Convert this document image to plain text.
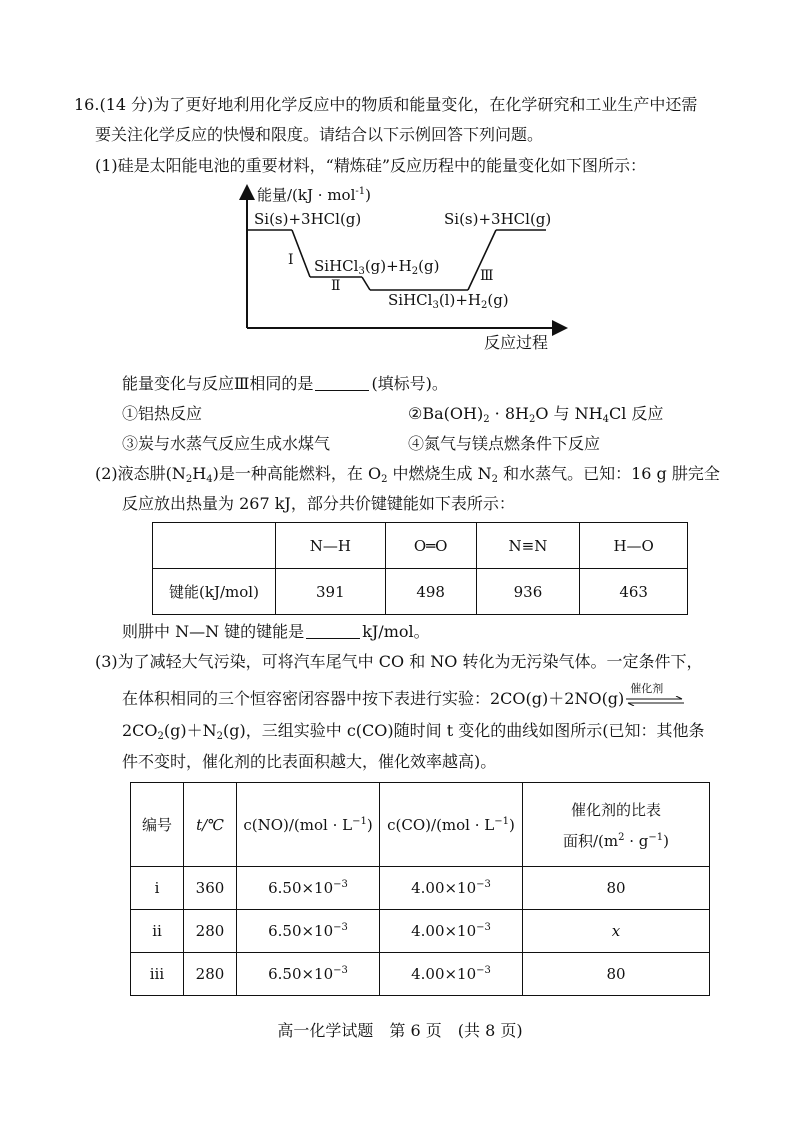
16.(14 分)为了更好地利用化学反应中的物质和能量变化，在化学研究和工业生产中还需
要关注化学反应的快慢和限度。请结合以下示例回答下列问题。
(1)硅是太阳能电池的重要材料，“精炼硅”反应历程中的能量变化如下图所示：
能量/(kJ · mol$^{-1}$)
Si(s)+3HCl(g)	Si(s)+3HCl(g)
$SiHCl_3(g)+H_2(g)$
$SiHCl_3(l)+H_2(g)$
Ⅰ
Ⅱ
Ⅲ
反应过程
能量变化与反应Ⅲ相同的是	(填标号)。
①铝热反应	$②Ba(OH)_2 \cdot 8H_2O$ 与 $NH_4Cl$ 反应
③炭与水蒸气反应生成水煤气	④氮气与镁点燃条件下反应
(2)液态肼$(N_2H_4)$是一种高能燃料，在 $O_2$ 中燃烧生成 $N_2$ 和水蒸气。已知：16 g 肼完全
反应放出热量为 267 kJ，部分共价键键能如下表所示：
	N—H	O═O	N≡N	H—O
键能(kJ/mol)	391	498	936	463
则肼中 N—N 键的键能是	kJ/mol。
(3)为了减轻大气污染，可将汽车尾气中 CO 和 NO 转化为无污染气体。一定条件下，
在体积相同的三个恒容密闭容器中按下表进行实验：2CO(g)＋2NO(g)
催化剂
$2CO_2(g)+N_2(g)$，三组实验中 c(CO)随时间 t 变化的曲线如图所示(已知：其他条
件不变时，催化剂的比表面积越大，催化效率越高)。
编号	t/℃	$c(NO)/(mol \cdot L^{-1})$	$c(CO)/(mol \cdot L^{-1})$	催化剂的比表
面积$/(m^2 \cdot g^{-1})$

ⅰ	360	$6.50\times 10^{-3}$	$4.00\times 10^{-3}$	80
ⅱ	280	$6.50\times 10^{-3}$	$4.00\times 10^{-3}$	x
ⅲ	280	$6.50\times 10^{-3}$	$4.00\times 10^{-3}$	80
高一化学试题　第 6 页　(共 8 页)
